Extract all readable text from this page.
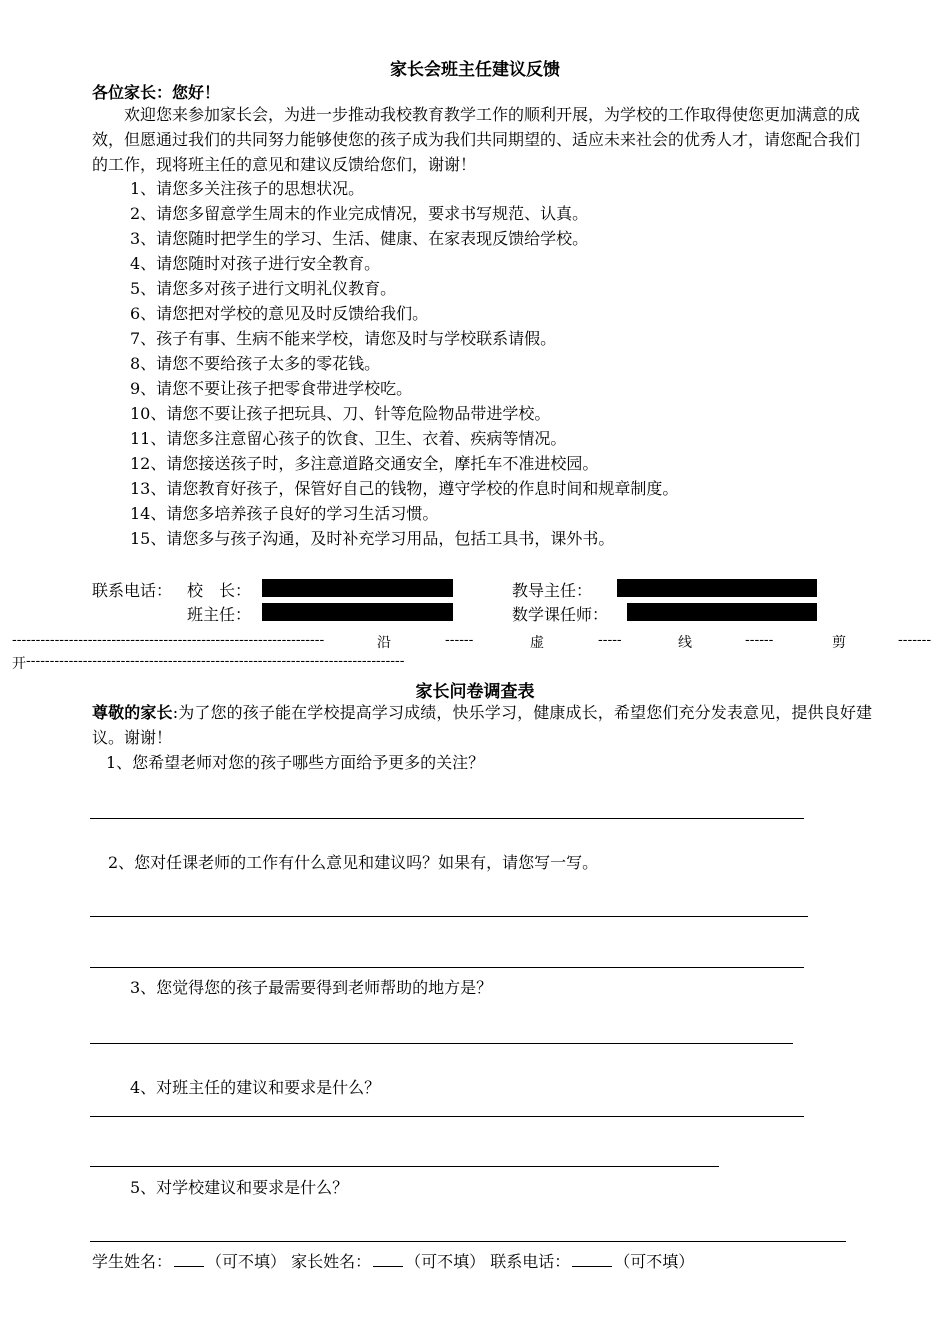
家长会班主任建议反馈
各位家长：您好！
欢迎您来参加家长会，为进一步推动我校教育教学工作的顺利开展，为学校的工作取得使您更加满意的成效，但愿通过我们的共同努力能够使您的孩子成为我们共同期望的、适应未来社会的优秀人才，请您配合我们的工作，现将班主任的意见和建议反馈给您们，谢谢！
1、请您多关注孩子的思想状况。
2、请您多留意学生周末的作业完成情况，要求书写规范、认真。
3、请您随时把学生的学习、生活、健康、在家表现反馈给学校。
4、请您随时对孩子进行安全教育。
5、请您多对孩子进行文明礼仪教育。
6、请您把对学校的意见及时反馈给我们。
7、孩子有事、生病不能来学校，请您及时与学校联系请假。
8、请您不要给孩子太多的零花钱。
9、请您不要让孩子把零食带进学校吃。
10、请您不要让孩子把玩具、刀、针等危险物品带进学校。
11、请您多注意留心孩子的饮食、卫生、衣着、疾病等情况。
12、请您接送孩子时，多注意道路交通安全，摩托车不准进校园。
13、请您教育好孩子，保管好自己的钱物，遵守学校的作息时间和规章制度。
14、请您多培养孩子良好的学习生活习惯。
15、请您多与孩子沟通，及时补充学习用品，包括工具书，课外书。
联系电话： 校　长：	教导主任：
班主任：	数学课任师：
------------------------------------------------------------------	沿	------	虚	-----	线	------	剪	-------
开 --------------------------------------------------------------------------------
家长问卷调查表
尊敬的家长:为了您的孩子能在学校提高学习成绩，快乐学习，健康成长，希望您们充分发表意见，提供良好建议。谢谢！
1、您希望老师对您的孩子哪些方面给予更多的关注？
2、您对任课老师的工作有什么意见和建议吗？如果有，请您写一写。
3、您觉得您的孩子最需要得到老师帮助的地方是？
4、对班主任的建议和要求是什么？
5、对学校建议和要求是什么？
学生姓名： （可不填） 家长姓名： （可不填） 联系电话：	（可不填）
